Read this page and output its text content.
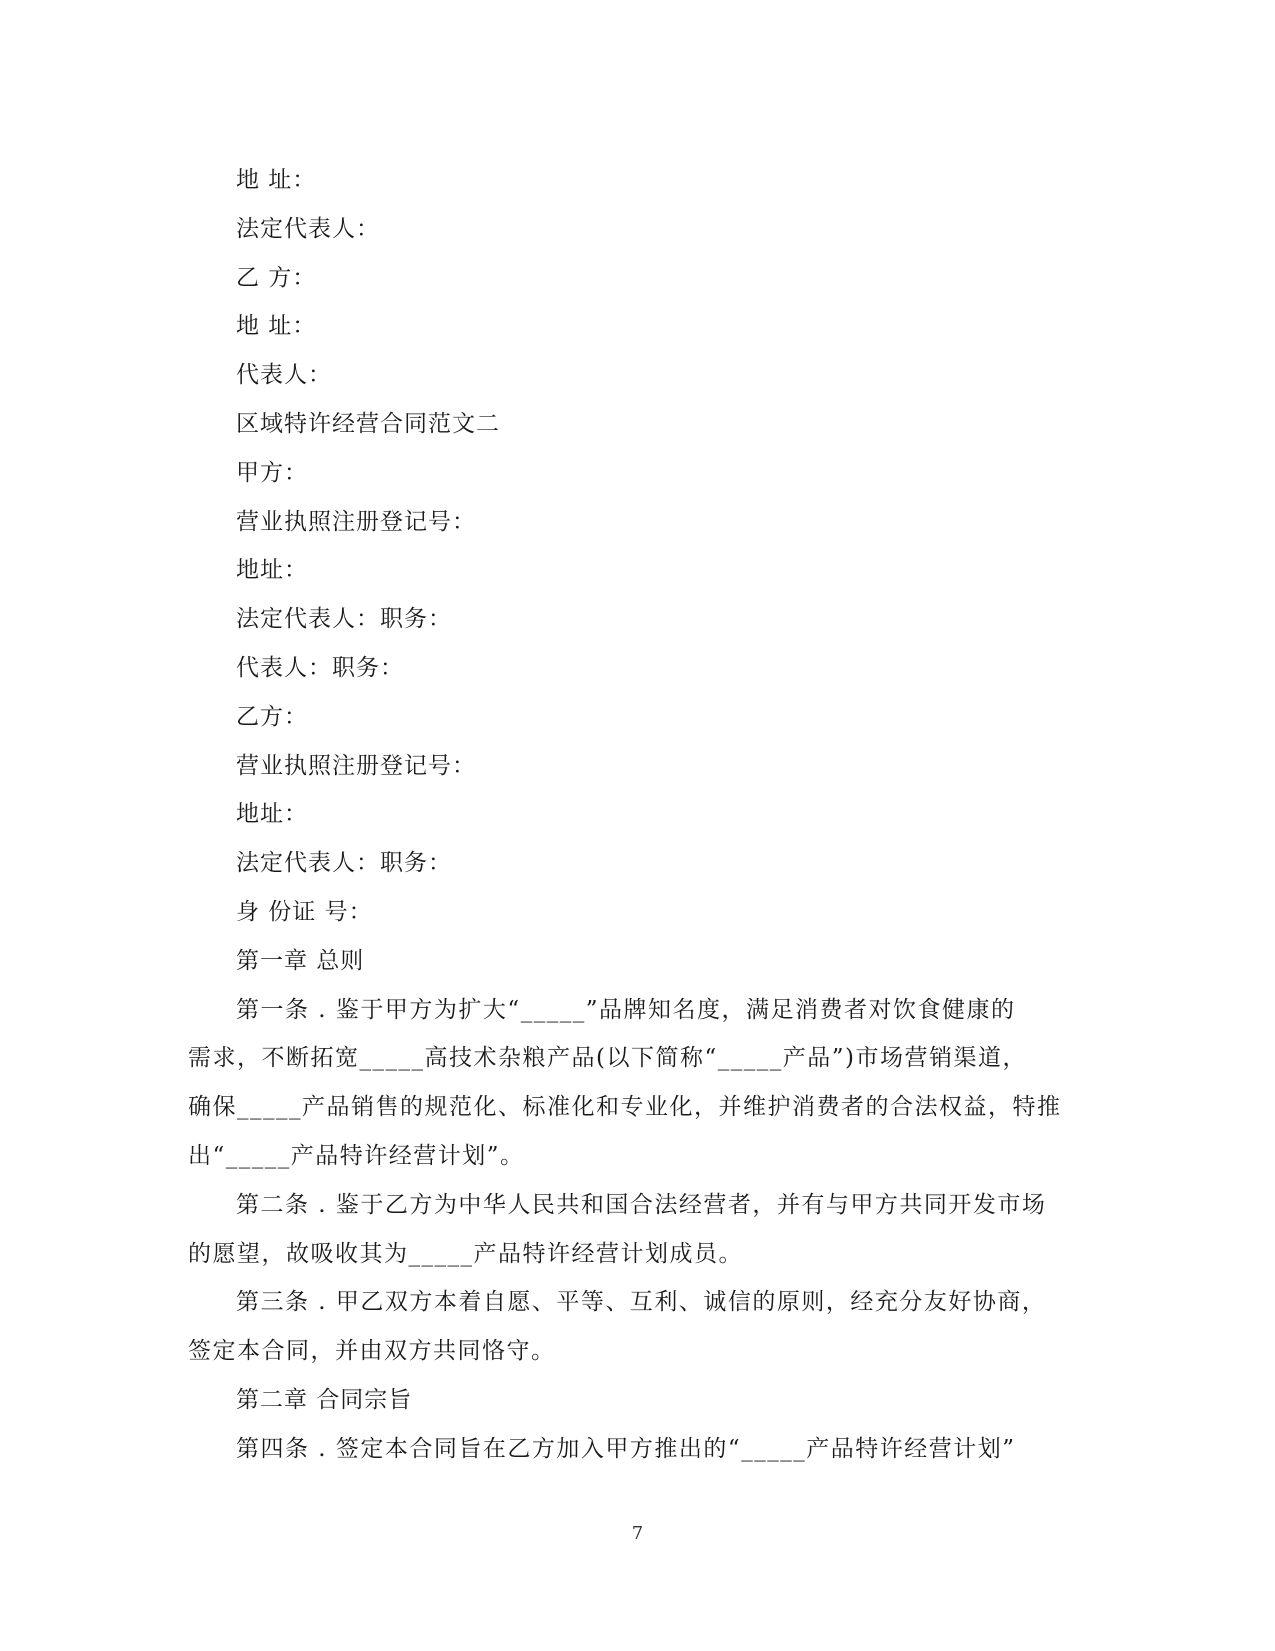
地 址：
法定代表人：
乙 方：
地 址：
代表人：
区域特许经营合同范文二
甲方：
营业执照注册登记号：
地址：
法定代表人：职务：
代表人：职务：
乙方：
营业执照注册登记号：
地址：
法定代表人：职务：
身 份证 号：
第一章 总则
第一条 . 鉴于甲方为扩大“_____”品牌知名度，满足消费者对饮食健康的
需求，不断拓宽_____高技术杂粮产品(以下简称“_____产品”)市场营销渠道，
确保_____产品销售的规范化、标准化和专业化，并维护消费者的合法权益，特推
出“_____产品特许经营计划”。
第二条 . 鉴于乙方为中华人民共和国合法经营者，并有与甲方共同开发市场
的愿望，故吸收其为_____产品特许经营计划成员。
第三条 . 甲乙双方本着自愿、平等、互利、诚信的原则，经充分友好协商，
签定本合同，并由双方共同恪守。
第二章 合同宗旨
第四条 . 签定本合同旨在乙方加入甲方推出的“_____产品特许经营计划”
7
